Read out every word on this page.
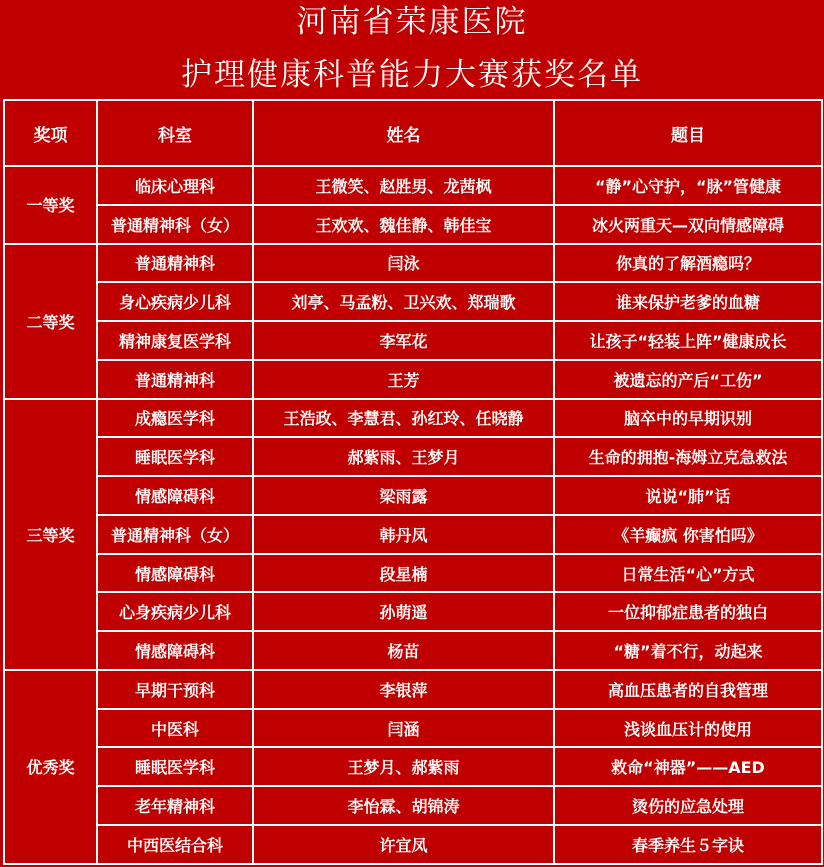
河南省荣康医院
护理健康科普能力大赛获奖名单
奖项	科室	姓名	题目
一等奖	临床心理科	王微笑、赵胜男、龙茜枫	“静”心守护，“脉”管健康
	普通精神科（女）	王欢欢、魏佳静、韩佳宝	冰火两重天—双向情感障碍
二等奖	普通精神科	闫泳	你真的了解酒瘾吗？
	身心疾病少儿科	刘亭、马孟粉、卫兴欢、郑瑞歌	谁来保护老爹的血糖
	精神康复医学科	李军花	让孩子“轻装上阵”健康成长
	普通精神科	王芳	被遗忘的产后“工伤”
三等奖	成瘾医学科	王浩政、李慧君、孙红玲、任晓静	脑卒中的早期识别
	睡眠医学科	郝紫雨、王梦月	生命的拥抱-海姆立克急救法
	情感障碍科	梁雨露	说说“肺”话
	普通精神科（女）	韩丹凤	《羊癫疯 你害怕吗》
	情感障碍科	段星楠	日常生活“心”方式
	心身疾病少儿科	孙萌遥	一位抑郁症患者的独白
	情感障碍科	杨苗	“糖”着不行，动起来
优秀奖	早期干预科	李银萍	高血压患者的自我管理
	中医科	闫涵	浅谈血压计的使用
	睡眠医学科	王梦月、郝紫雨	救命“神器”——AED
	老年精神科	李怡霖、胡锦涛	烫伤的应急处理
	中西医结合科	许宜凤	春季养生５字诀
